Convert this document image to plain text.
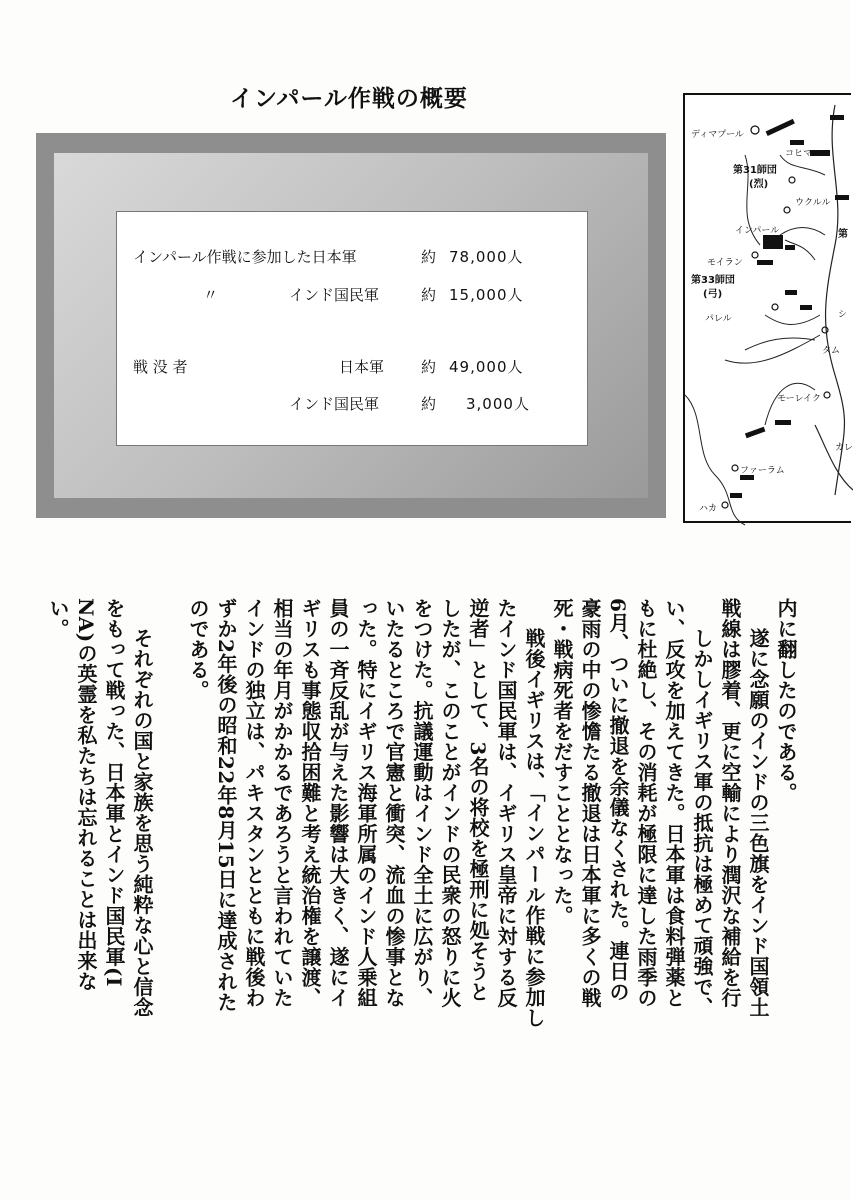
インパール作戦の概要
インパール作戦に参加した日本軍	約 78,000人
〃	インド国民軍	約 15,000人
戦 没 者	日本軍 約 49,000人
インド国民軍	約 3,000人
ディマプール
コヒマ
第31師団
(烈)
ウクルル
インパール	第
モイラン
第33師団
(弓)
パレル	シ
タム
モーレイク
カレ
ファーラム
ハカ
内に翻したのである。
遂に念願のインドの三色旗をインド国領土
戦線は膠着、更に空輸により潤沢な補給を行
しかしイギリス軍の抵抗は極めて頑強で、
い、反攻を加えてきた。日本軍は食料弾薬と
もに杜絶し、その消耗が極限に達した雨季の
6月、ついに撤退を余儀なくされた。連日の
豪雨の中の惨憺たる撤退は日本軍に多くの戦
死・戦病死者をだすこととなった。
戦後イギリスは、「インパール作戦に参加し
たインド国民軍は、イギリス皇帝に対する反
逆者」として、3名の将校を極刑に処そうと
したが、このことがインドの民衆の怒りに火
をつけた。抗議運動はインド全土に広がり、
いたるところで官憲と衝突、流血の惨事とな
った。特にイギリス海軍所属のインド人乗組
員の一斉反乱が与えた影響は大きく、遂にイ
ギリスも事態収拾困難と考え統治権を譲渡、
相当の年月がかかるであろうと言われていた
インドの独立は、パキスタンとともに戦後わ
ずか2年後の昭和22年8月15日に達成された
のである。
それぞれの国と家族を思う純粋な心と信念
をもって戦った、日本軍とインド国民軍(I
NA)の英霊を私たちは忘れることは出来な
い。
